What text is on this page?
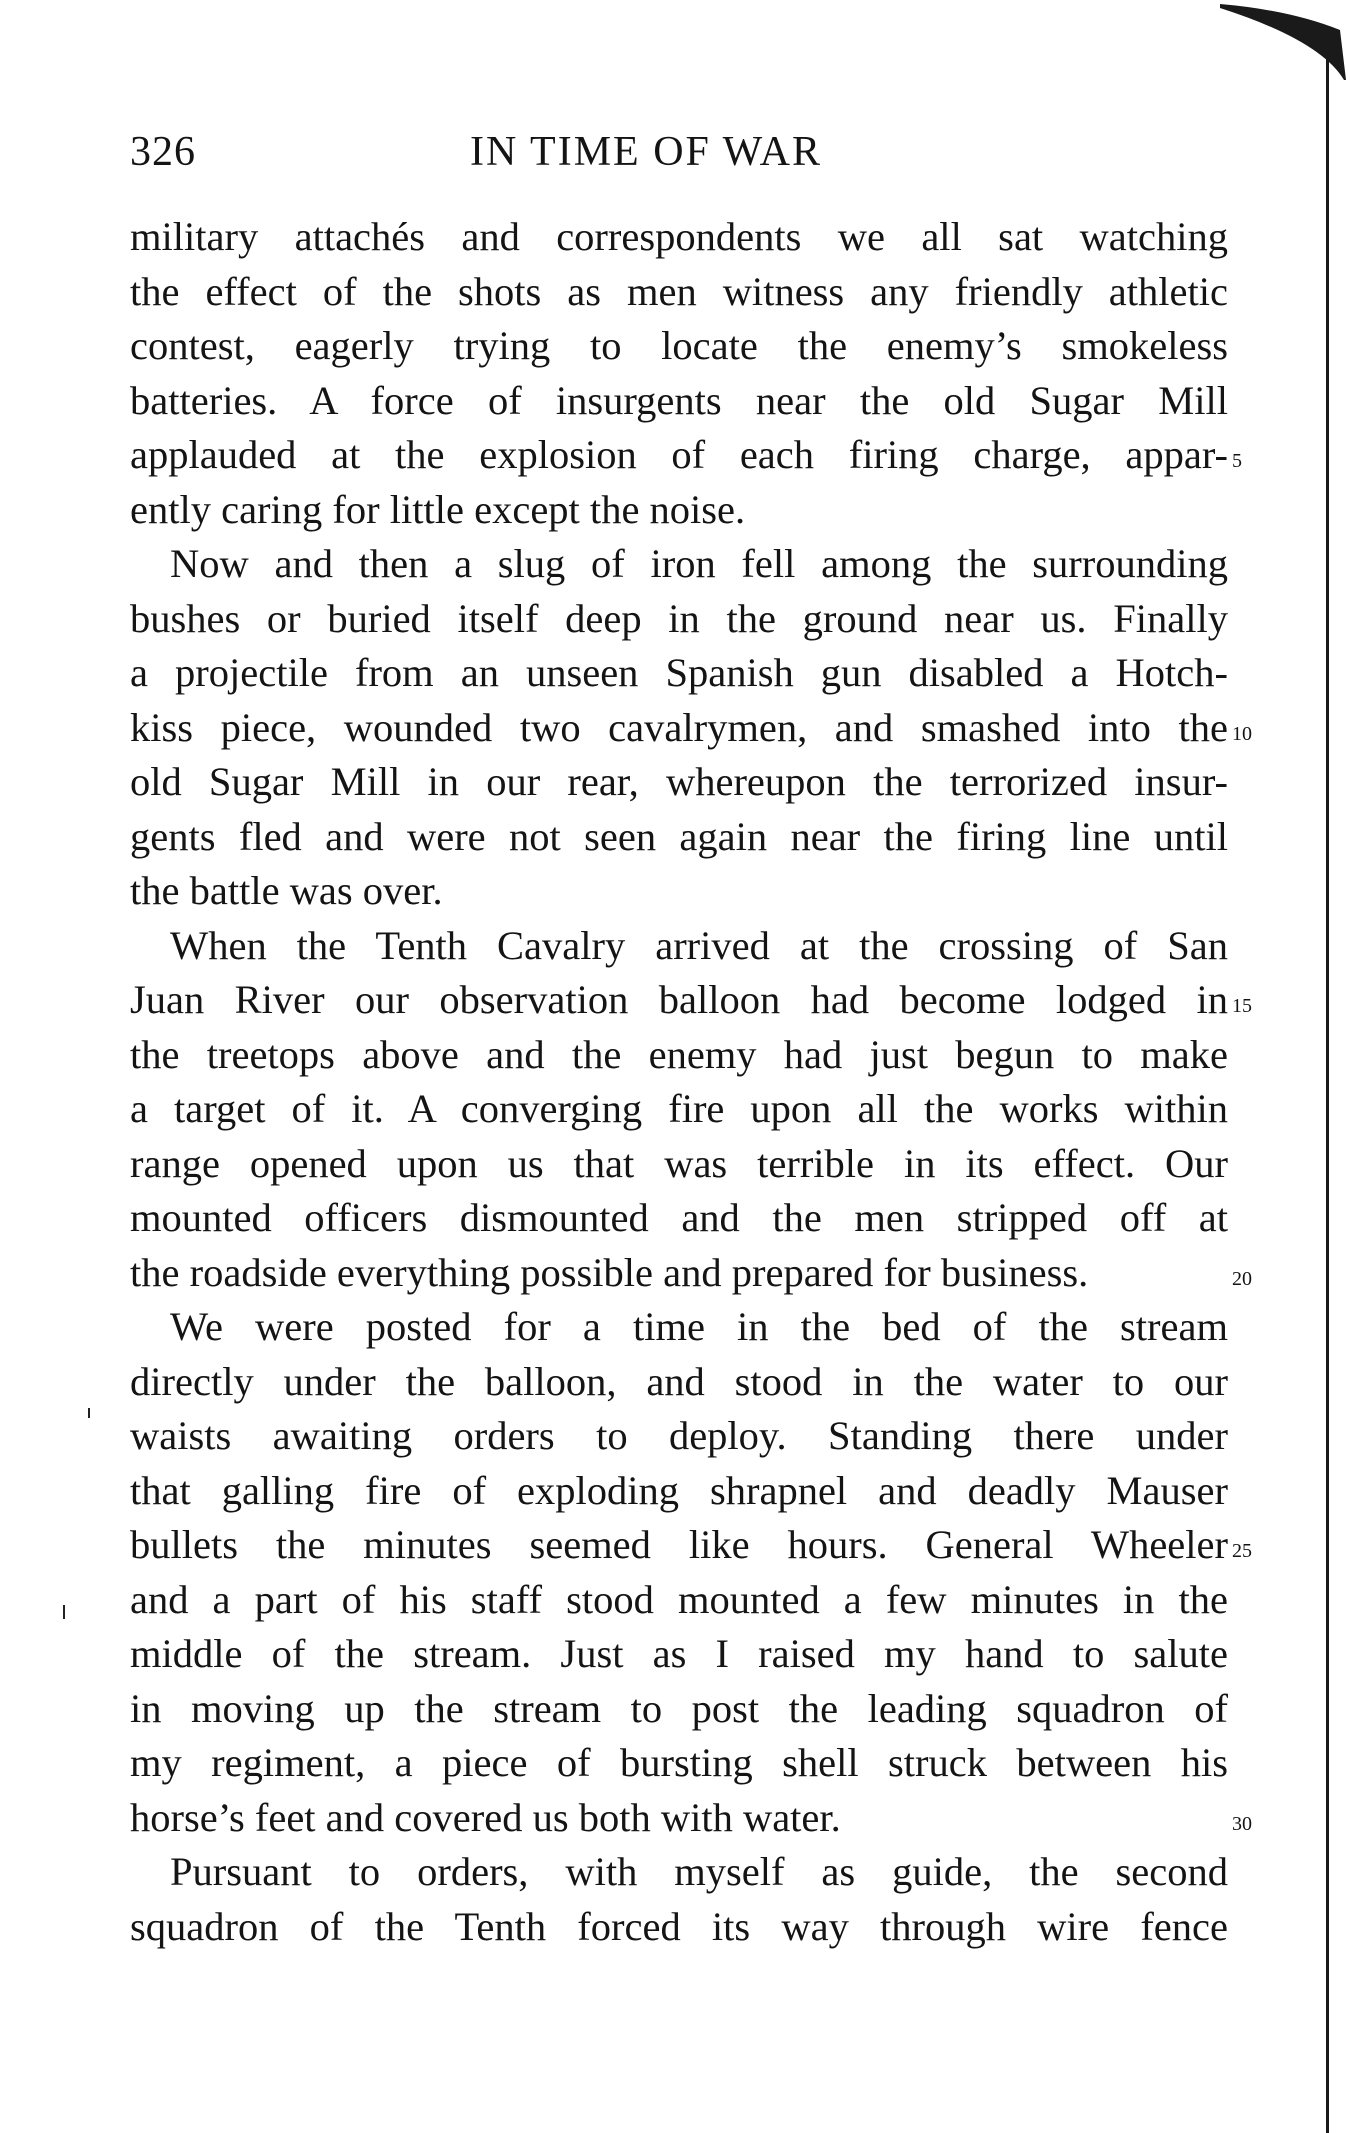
326	IN TIME OF WAR
military attachés and correspondents we all sat watching
the effect of the shots as men witness any friendly athletic
contest, eagerly trying to locate the enemy’s smokeless
batteries. A force of insurgents near the old Sugar Mill
applauded at the explosion of each firing charge, appar- 5
ently caring for little except the noise.
Now and then a slug of iron fell among the surrounding
bushes or buried itself deep in the ground near us. Finally
a projectile from an unseen Spanish gun disabled a Hotch-
kiss piece, wounded two cavalrymen, and smashed into the 10
old Sugar Mill in our rear, whereupon the terrorized insur-
gents fled and were not seen again near the firing line until
the battle was over.
When the Tenth Cavalry arrived at the crossing of San
Juan River our observation balloon had become lodged in 15
the treetops above and the enemy had just begun to make
a target of it. A converging fire upon all the works within
range opened upon us that was terrible in its effect. Our
mounted officers dismounted and the men stripped off at
the roadside everything possible and prepared for business.	20
We were posted for a time in the bed of the stream
directly under the balloon, and stood in the water to our
waists awaiting orders to deploy. Standing there under
that galling fire of exploding shrapnel and deadly Mauser
bullets the minutes seemed like hours. General Wheeler 25
and a part of his staff stood mounted a few minutes in the
middle of the stream. Just as I raised my hand to salute
in moving up the stream to post the leading squadron of
my regiment, a piece of bursting shell struck between his
horse’s feet and covered us both with water.	30
Pursuant to orders, with myself as guide, the second
squadron of the Tenth forced its way through wire fence
